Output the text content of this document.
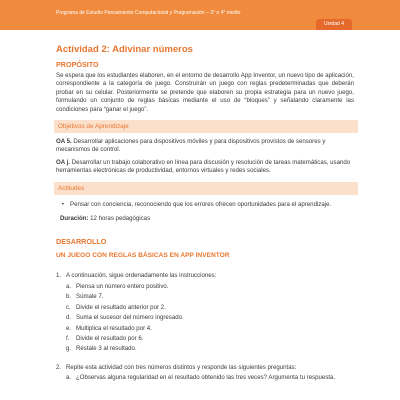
Programa de Estudio Pensamiento Computacional y Programación – 3° o 4° medio
Unidad 4
Actividad 2: Adivinar números
PROPÓSITO

Se espera que los estudiantes elaboren, en el entorno de desarrollo App Inventor, un nuevo tipo de aplicación, correspondiente a la categoría de juego. Construirán un juego con reglas predeterminadas que deberán probar en su celular. Posteriormente se pretende que elaboren su propia estrategia para un nuevo juego, formulando un conjunto de reglas básicas mediante el uso de “bloques” y señalando claramente las condiciones para “ganar el juego”.

Objetivos de Aprendizaje

OA 5. Desarrollar aplicaciones para dispositivos móviles y para dispositivos provistos de sensores y mecanismos de control.

OA j. Desarrollar un trabajo colaborativo en línea para discusión y resolución de tareas matemáticas, usando herramientas electrónicas de productividad, entornos virtuales y redes sociales.

Actitudes
• Pensar con conciencia, reconociendo que los errores ofrecen oportunidades para el aprendizaje.

Duración: 12 horas pedagógicas

DESARROLLO
UN JUEGO CON REGLAS BÁSICAS EN APP INVENTOR
1. A continuación, sigue ordenadamente las instrucciones:
a. Piensa un número entero positivo.
b. Súmale 7.
c. Divide el resultado anterior por 2.
d. Suma el sucesor del número ingresado.
e. Multiplica el resultado por 4.
f.	Divide el resultado por 6.
g. Réstale 3 al resultado.
2. Repite esta actividad con tres números distintos y responde las siguientes preguntas:
a. ¿Observas alguna regularidad en el resultado obtenido las tres veces? Argumenta tu respuesta.
